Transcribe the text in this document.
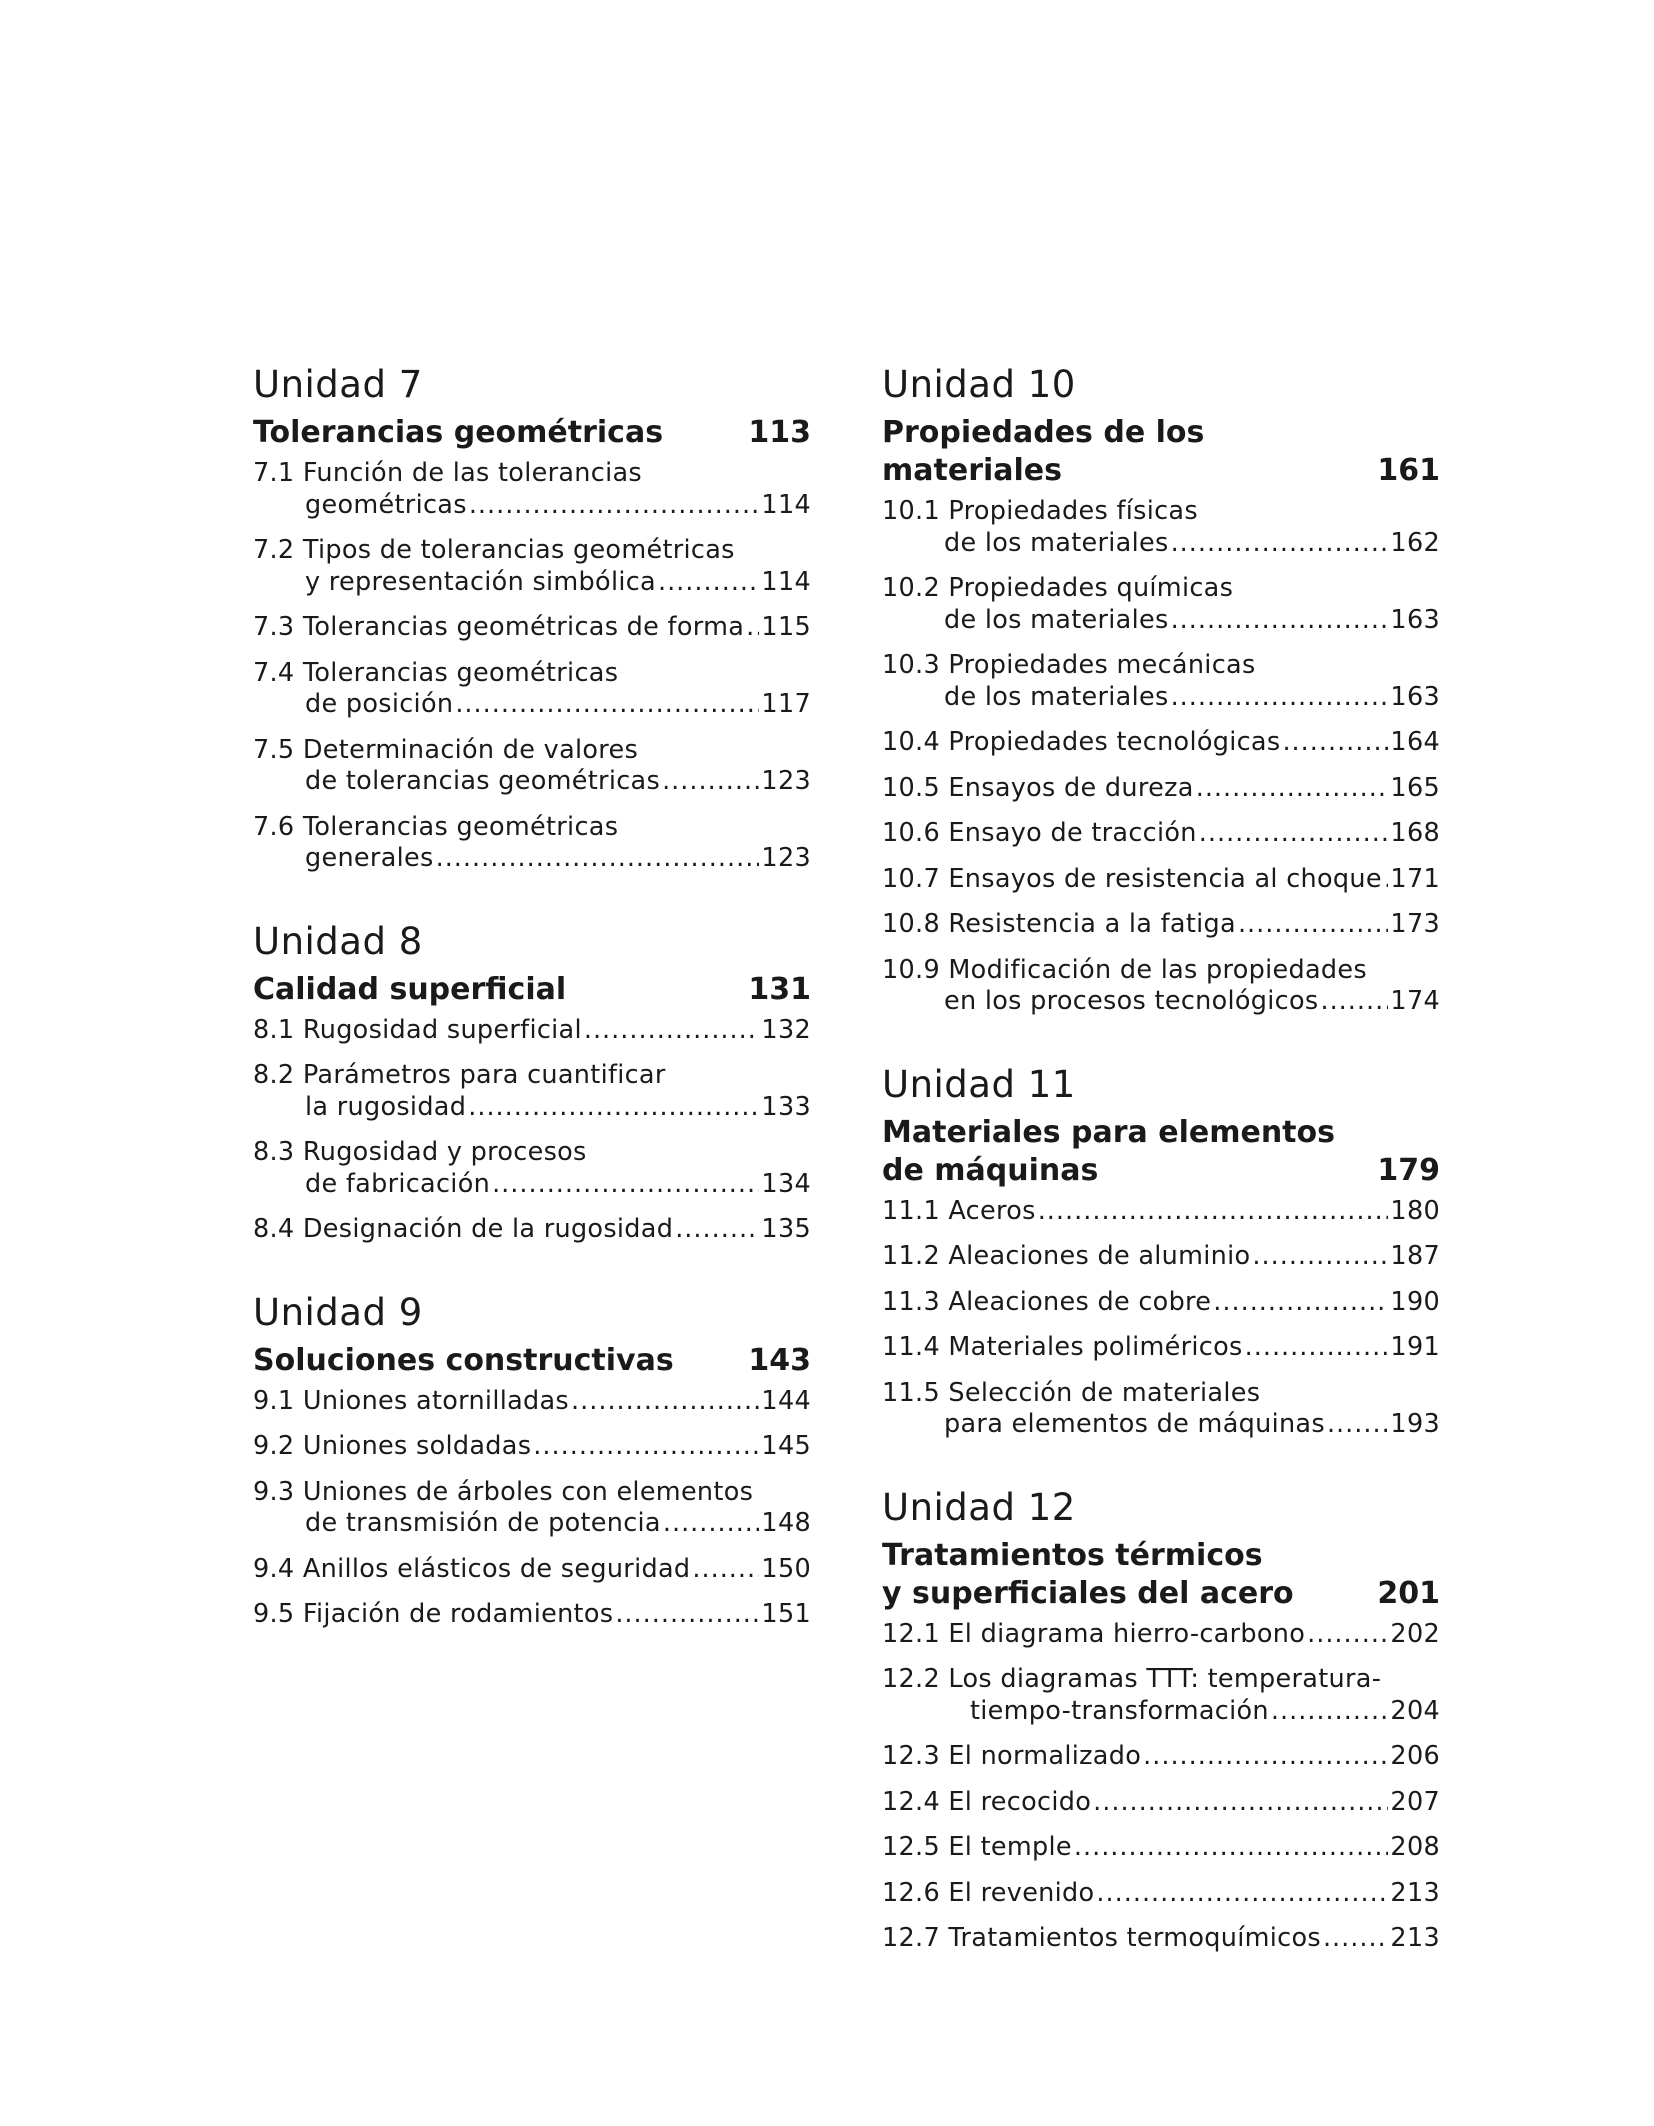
Unidad 7
Tolerancias geométricas	113
7.1 Función de las tolerancias
geométricas .....	114
7.2 Tipos de tolerancias geométricas
y representación simbólica .....	114
7.3 Tolerancias geométricas de forma ..... 115
7.4 Tolerancias geométricas
de posición .....	117
7.5 Determinación de valores
de tolerancias geométricas .....	123
7.6 Tolerancias geométricas
generales .....	123
Unidad 8
Calidad superficial	131
8.1 Rugosidad superficial .....	132
8.2 Parámetros para cuantificar
la rugosidad .....	133
8.3 Rugosidad y procesos
de fabricación .....	134
8.4 Designación de la rugosidad .....	135
Unidad 9
Soluciones constructivas	143
9.1 Uniones atornilladas .....	144
9.2 Uniones soldadas .....	145
9.3 Uniones de árboles con elementos
de transmisión de potencia .....	148
9.4 Anillos elásticos de seguridad .....	150
9.5 Fijación de rodamientos .....	151
Unidad 10
Propiedades de los materiales	161
10.1 Propiedades físicas
de los materiales .....	162
10.2 Propiedades químicas
de los materiales .....	163
10.3 Propiedades mecánicas
de los materiales .....	163
10.4 Propiedades tecnológicas .....	164
10.5 Ensayos de dureza .....	165
10.6 Ensayo de tracción .....	168
10.7 Ensayos de resistencia al choque ..... 171
10.8 Resistencia a la fatiga .....	173
10.9 Modificación de las propiedades
en los procesos tecnológicos .....	174
Unidad 11
Materiales para elementos
de máquinas	179
11.1 Aceros .....	180
11.2 Aleaciones de aluminio .....	187
11.3 Aleaciones de cobre .....	190
11.4 Materiales poliméricos .....	191
11.5 Selección de materiales
para elementos de máquinas .....	193
Unidad 12
Tratamientos térmicos
y superficiales del acero	201
12.1 El diagrama hierro-carbono .....	202
12.2 Los diagramas TTT: temperatura-
tiempo-transformación .....	204
12.3 El normalizado .....	206
12.4 El recocido .....	207
12.5 El temple .....	208
12.6 El revenido .....	213
12.7 Tratamientos termoquímicos .....	213
